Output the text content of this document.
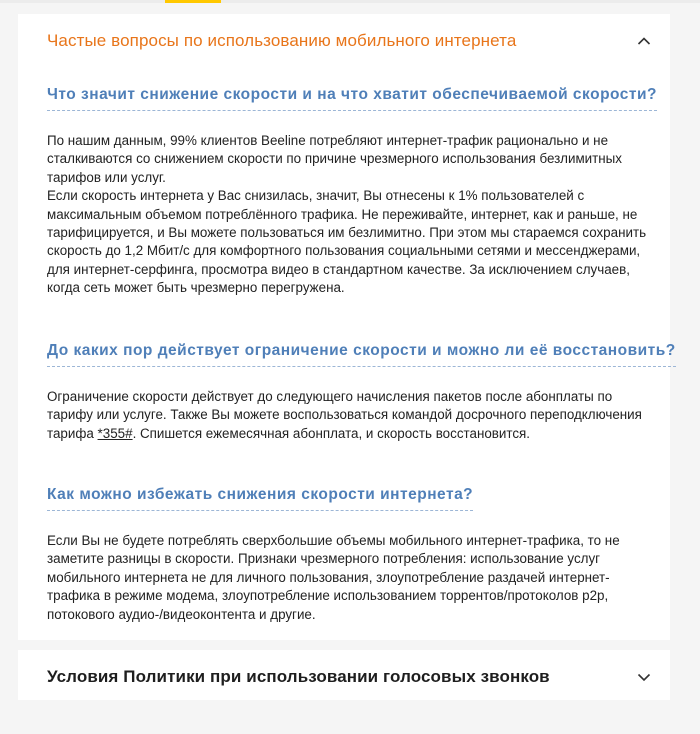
Частые вопросы по использованию мобильного интернета
Что значит снижение скорости и на что хватит обеспечиваемой скорости?

По нашим данным, 99% клиентов Beeline потребляют интернет-трафик рационально и не сталкиваются со снижением скорости по причине чрезмерного использования безлимитных тарифов или услуг.

Если скорость интернета у Вас снизилась, значит, Вы отнесены к 1% пользователей с максимальным объемом потреблённого трафика. Не переживайте, интернет, как и раньше, не тарифицируется, и Вы можете пользоваться им безлимитно. При этом мы стараемся сохранить скорость до 1,2 Мбит/с для комфортного пользования социальными сетями и мессенджерами, для интернет-серфинга, просмотра видео в стандартном качестве. За исключением случаев, когда сеть может быть чрезмерно перегружена.

До каких пор действует ограничение скорости и можно ли её восстановить?

Ограничение скорости действует до следующего начисления пакетов после абонплаты по тарифу или услуге. Также Вы можете воспользоваться командой досрочного переподключения тарифа *355#. Спишется ежемесячная абонплата, и скорость восстановится.

Как можно избежать снижения скорости интернета?

Если Вы не будете потреблять сверхбольшие объемы мобильного интернет-трафика, то не заметите разницы в скорости. Признаки чрезмерного потребления: использование услуг мобильного интернета не для личного пользования, злоупотребление раздачей интернет-трафика в режиме модема, злоупотребление использованием торрентов/протоколов p2p, потокового аудио-/видеоконтента и другие.

Условия Политики при использовании голосовых звонков
